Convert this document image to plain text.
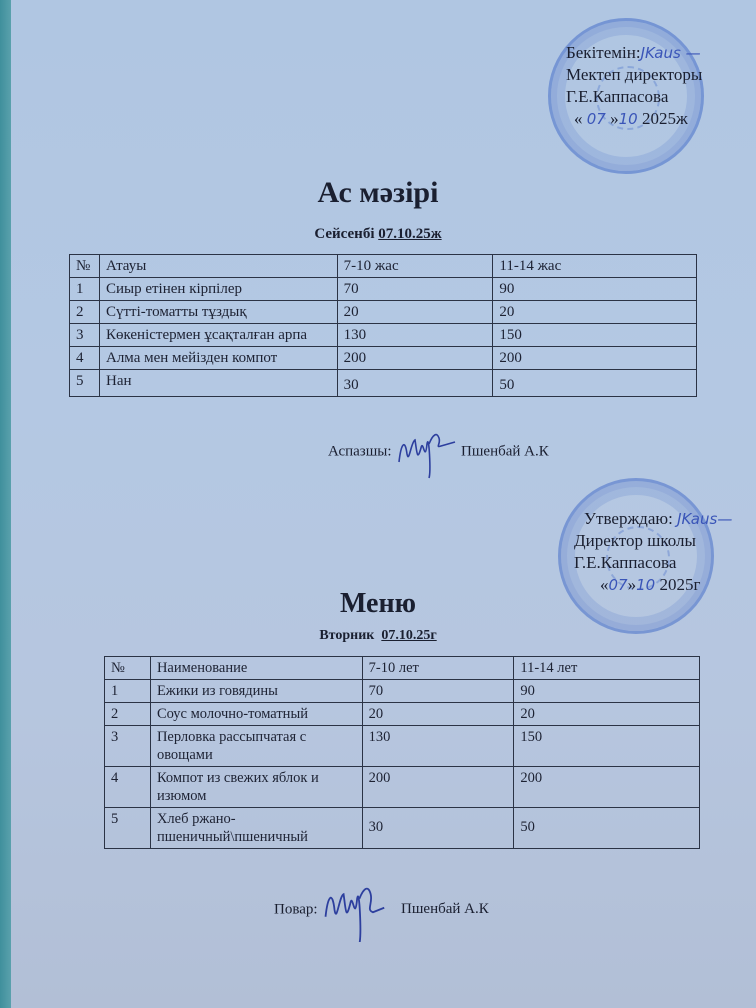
Бекітемін:JKaus —
Мектеп директоры
Г.Е.Каппасова
« 07 »10 2025ж
Ас мәзірі
Сейсенбі 07.10.25ж
№	Атауы	7-10 жас	11-14 жас
1	Сиыр етінен кірпілер	70	90
2	Сүтті-томатты тұздық	20	20
3	Көкеністермен ұсақталған арпа	130	150
4	Алма мен мейізден компот	200	200
5	Нан	30	50
Аспазшы:	Пшенбай А.К
Утверждаю: JKaus—
Директор школы
Г.Е.Каппасова
«07»10 2025г
Меню
Вторник 07.10.25г
№	Наименование	7-10 лет	11-14 лет
1	Ежики из говядины	70	90
2	Соус молочно-томатный	20	20
3	Перловка рассыпчатая с овощами	130	150
4	Компот из свежих яблок и изюмом	200	200
5	Хлеб ржано-пшеничный\пшеничный	30	50
Повар:	Пшенбай А.К
